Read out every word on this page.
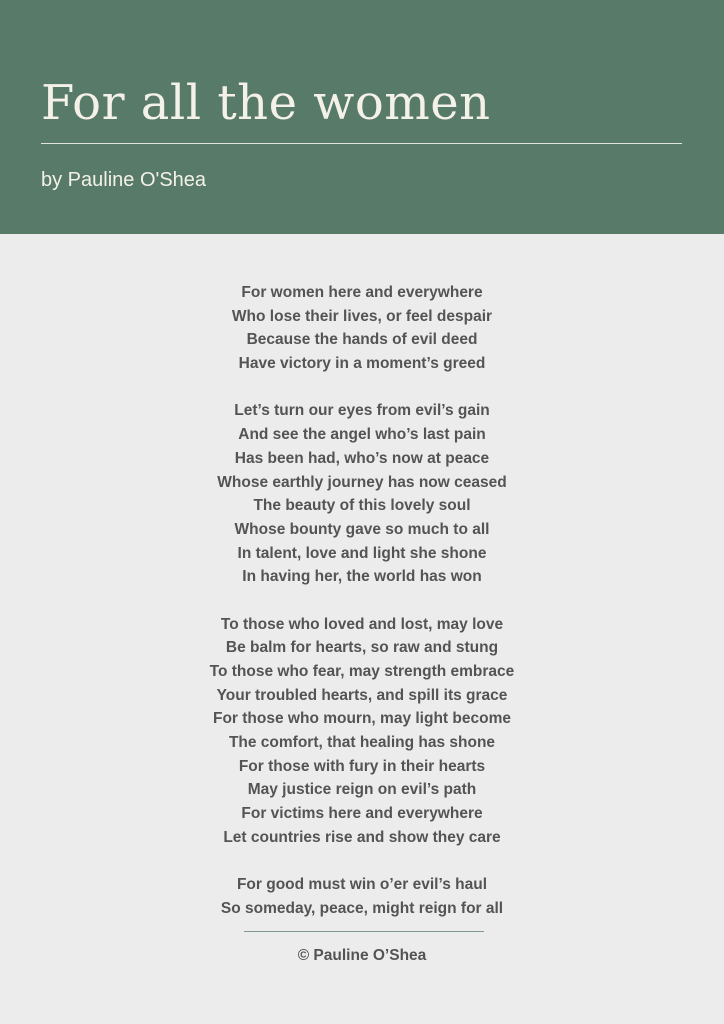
For all the women
by Pauline O'Shea
For women here and everywhere
Who lose their lives, or feel despair
Because the hands of evil deed
Have victory in a moment’s greed
Let’s turn our eyes from evil’s gain
And see the angel who’s last pain
Has been had, who’s now at peace
Whose earthly journey has now ceased
The beauty of this lovely soul
Whose bounty gave so much to all
In talent, love and light she shone
In having her, the world has won
To those who loved and lost, may love
Be balm for hearts, so raw and stung
To those who fear, may strength embrace
Your troubled hearts, and spill its grace
For those who mourn, may light become
The comfort, that healing has shone
For those with fury in their hearts
May justice reign on evil’s path
For victims here and everywhere
Let countries rise and show they care
For good must win o’er evil’s haul
So someday, peace, might reign for all
© Pauline O’Shea
